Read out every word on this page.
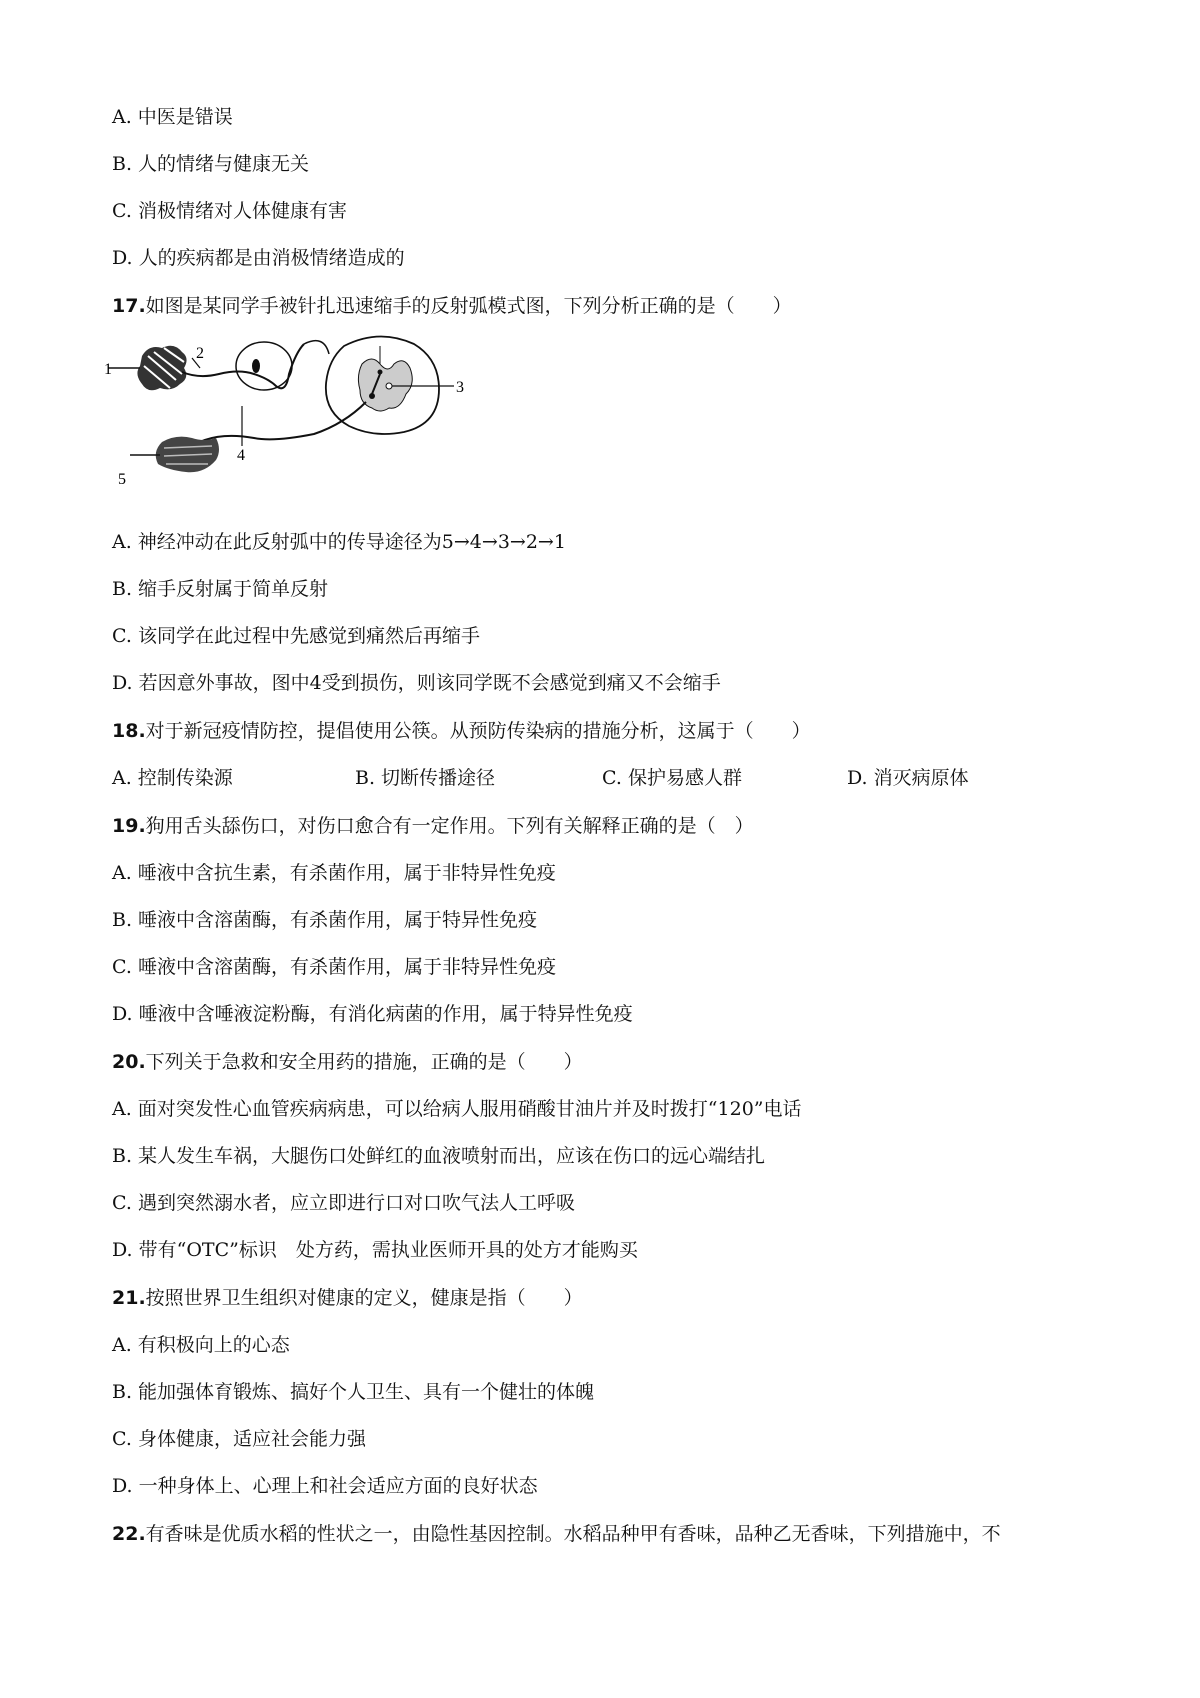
A. 中医是错误
B. 人的情绪与健康无关
C. 消极情绪对人体健康有害
D. 人的疾病都是由消极情绪造成的
17.如图是某同学手被针扎迅速缩手的反射弧模式图，下列分析正确的是（　　）
1
2
3
4
5
A. 神经冲动在此反射弧中的传导途径为5→4→3→2→1
B. 缩手反射属于简单反射
C. 该同学在此过程中先感觉到痛然后再缩手
D. 若因意外事故，图中4受到损伤，则该同学既不会感觉到痛又不会缩手
18.对于新冠疫情防控，提倡使用公筷。从预防传染病的措施分析，这属于（　　）
A. 控制传染源	B. 切断传播途径	C. 保护易感人群	D. 消灭病原体
19.狗用舌头舔伤口，对伤口愈合有一定作用。下列有关解释正确的是（　）
A. 唾液中含抗生素，有杀菌作用，属于非特异性免疫
B. 唾液中含溶菌酶，有杀菌作用，属于特异性免疫
C. 唾液中含溶菌酶，有杀菌作用，属于非特异性免疫
D. 唾液中含唾液淀粉酶，有消化病菌的作用，属于特异性免疫
20.下列关于急救和安全用药的措施，正确的是（　　）
A. 面对突发性心血管疾病病患，可以给病人服用硝酸甘油片并及时拨打“120”电话
B. 某人发生车祸，大腿伤口处鲜红的血液喷射而出，应该在伤口的远心端结扎
C. 遇到突然溺水者，应立即进行口对口吹气法人工呼吸
D. 带有“OTC”标识　处方药，需执业医师开具的处方才能购买
21.按照世界卫生组织对健康的定义，健康是指（　　）
A. 有积极向上的心态
B. 能加强体育锻炼、搞好个人卫生、具有一个健壮的体魄
C. 身体健康，适应社会能力强
D. 一种身体上、心理上和社会适应方面的良好状态
22.有香味是优质水稻的性状之一，由隐性基因控制。水稻品种甲有香味，品种乙无香味，下列措施中，不
